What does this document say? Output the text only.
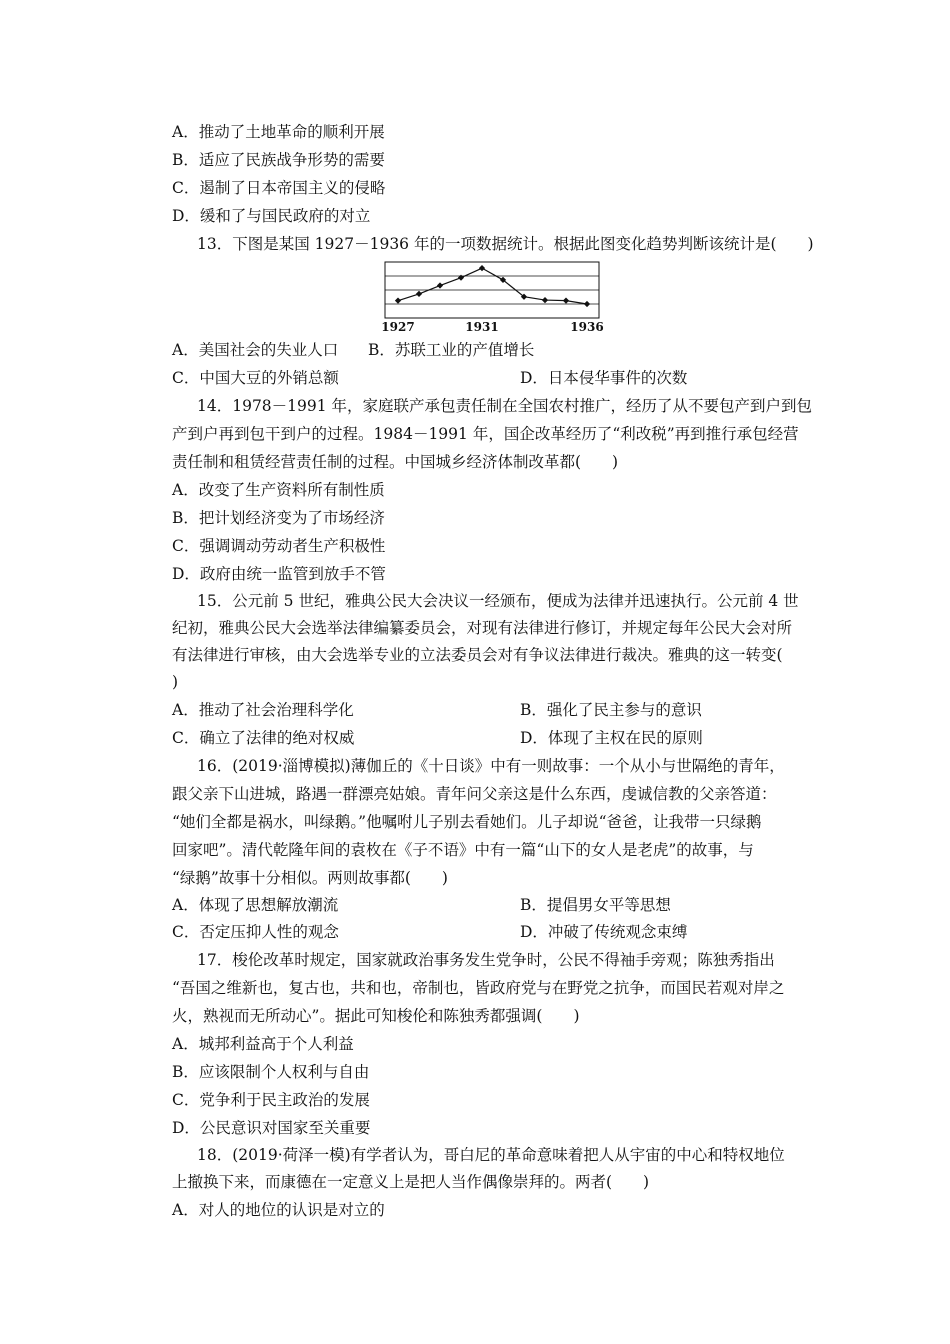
A．推动了土地革命的顺利开展
B．适应了民族战争形势的需要
C．遏制了日本帝国主义的侵略
D．缓和了与国民政府的对立
13．下图是某国 1927－1936 年的一项数据统计。根据此图变化趋势判断该统计是(　　)
1927	1931	1936
A．美国社会的失业人口 B．苏联工业的产值增长
C．中国大豆的外销总额	D．日本侵华事件的次数
14．1978－1991 年，家庭联产承包责任制在全国农村推广，经历了从不要包产到户到包
产到户再到包干到户的过程。1984－1991 年，国企改革经历了“利改税”再到推行承包经营
责任制和租赁经营责任制的过程。中国城乡经济体制改革都(　　)
A．改变了生产资料所有制性质
B．把计划经济变为了市场经济
C．强调调动劳动者生产积极性
D．政府由统一监管到放手不管
15．公元前 5 世纪，雅典公民大会决议一经颁布，便成为法律并迅速执行。公元前 4 世
纪初，雅典公民大会选举法律编纂委员会，对现有法律进行修订，并规定每年公民大会对所
有法律进行审核，由大会选举专业的立法委员会对有争议法律进行裁决。雅典的这一转变(
)
A．推动了社会治理科学化	B．强化了民主参与的意识
C．确立了法律的绝对权威	D．体现了主权在民的原则
16．(2019·淄博模拟)薄伽丘的《十日谈》中有一则故事：一个从小与世隔绝的青年，
跟父亲下山进城，路遇一群漂亮姑娘。青年问父亲这是什么东西，虔诚信教的父亲答道：
“她们全都是祸水，叫绿鹅。”他嘱咐儿子别去看她们。儿子却说“爸爸，让我带一只绿鹅
回家吧”。清代乾隆年间的袁枚在《子不语》中有一篇“山下的女人是老虎”的故事，与
“绿鹅”故事十分相似。两则故事都(　　)
A．体现了思想解放潮流	B．提倡男女平等思想
C．否定压抑人性的观念	D．冲破了传统观念束缚
17．梭伦改革时规定，国家就政治事务发生党争时，公民不得袖手旁观；陈独秀指出
“吾国之维新也，复古也，共和也，帝制也，皆政府党与在野党之抗争，而国民若观对岸之
火，熟视而无所动心”。据此可知梭伦和陈独秀都强调(　　)
A．城邦利益高于个人利益
B．应该限制个人权利与自由
C．党争利于民主政治的发展
D．公民意识对国家至关重要
18．(2019·荷泽一模)有学者认为，哥白尼的革命意味着把人从宇宙的中心和特权地位
上撤换下来，而康德在一定意义上是把人当作偶像崇拜的。两者(　　)
A．对人的地位的认识是对立的
